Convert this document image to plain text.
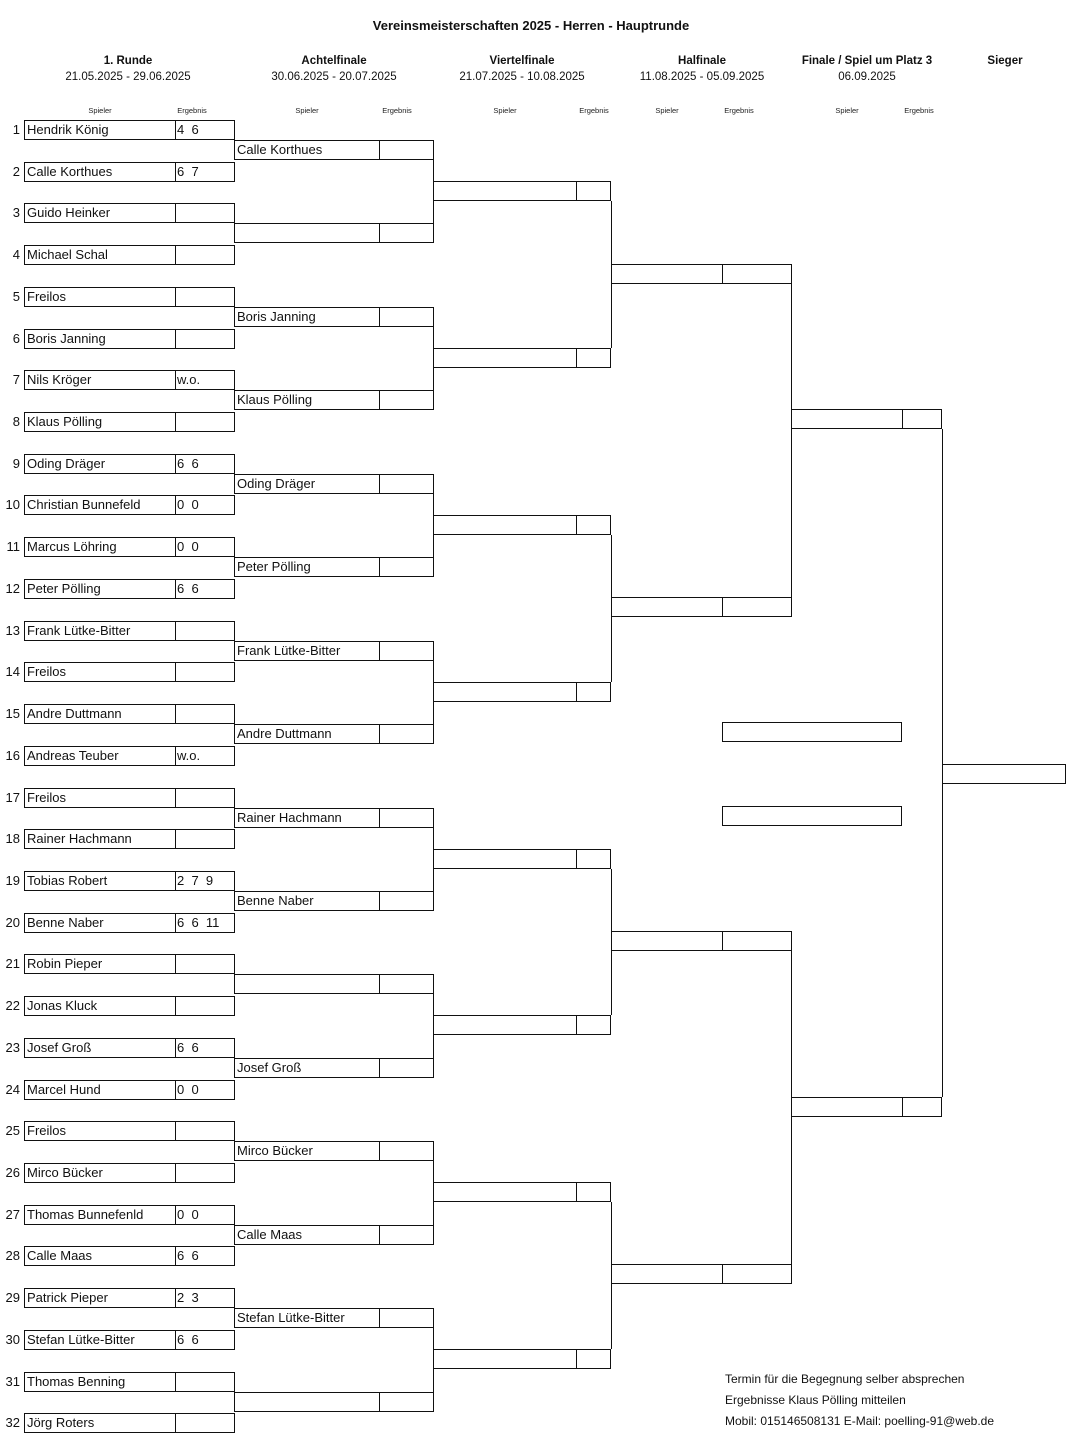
Vereinsmeisterschaften 2025 - Herren - Hauptrunde
1. Runde
21.05.2025 - 29.06.2025
Achtelfinale
30.06.2025 - 20.07.2025
Viertelfinale
21.07.2025 - 10.08.2025
Halfinale
11.08.2025 - 05.09.2025
Finale / Spiel um Platz 3
06.09.2025
Sieger
Spieler	Ergebnis	Spieler	Ergebnis	Spieler	Ergebnis	Spieler	Ergebnis	Spieler	Ergebnis
1 Hendrik König	4  6
2 Calle Korthues	6  7
3 Guido Heinker
4 Michael Schal
5 Freilos
6 Boris Janning
7 Nils Kröger	w.o.
8 Klaus Pölling
9 Oding Dräger	6  6
10 Christian Bunnefeld	0  0
11 Marcus Löhring	0  0
12 Peter Pölling	6  6
13 Frank Lütke-Bitter
14 Freilos
15 Andre Duttmann
16 Andreas Teuber	w.o.
17 Freilos
18 Rainer Hachmann
19 Tobias Robert	2  7  9
20 Benne Naber	6  6  11
21 Robin Pieper
22 Jonas Kluck
23 Josef Groß	6  6
24 Marcel Hund	0  0
25 Freilos
26 Mirco Bücker
27 Thomas Bunnefenld	0  0
28 Calle Maas	6  6
29 Patrick Pieper	2  3
30 Stefan Lütke-Bitter	6  6
31 Thomas Benning
32 Jörg Roters
Calle Korthues
Boris Janning
Klaus Pölling
Oding Dräger
Peter Pölling
Frank Lütke-Bitter
Andre Duttmann
Rainer Hachmann
Benne Naber
Josef Groß
Mirco Bücker
Calle Maas
Stefan Lütke-Bitter
Termin für die Begegnung selber absprechen
Ergebnisse Klaus Pölling mitteilen
Mobil: 015146508131 E-Mail: poelling-91@web.de
